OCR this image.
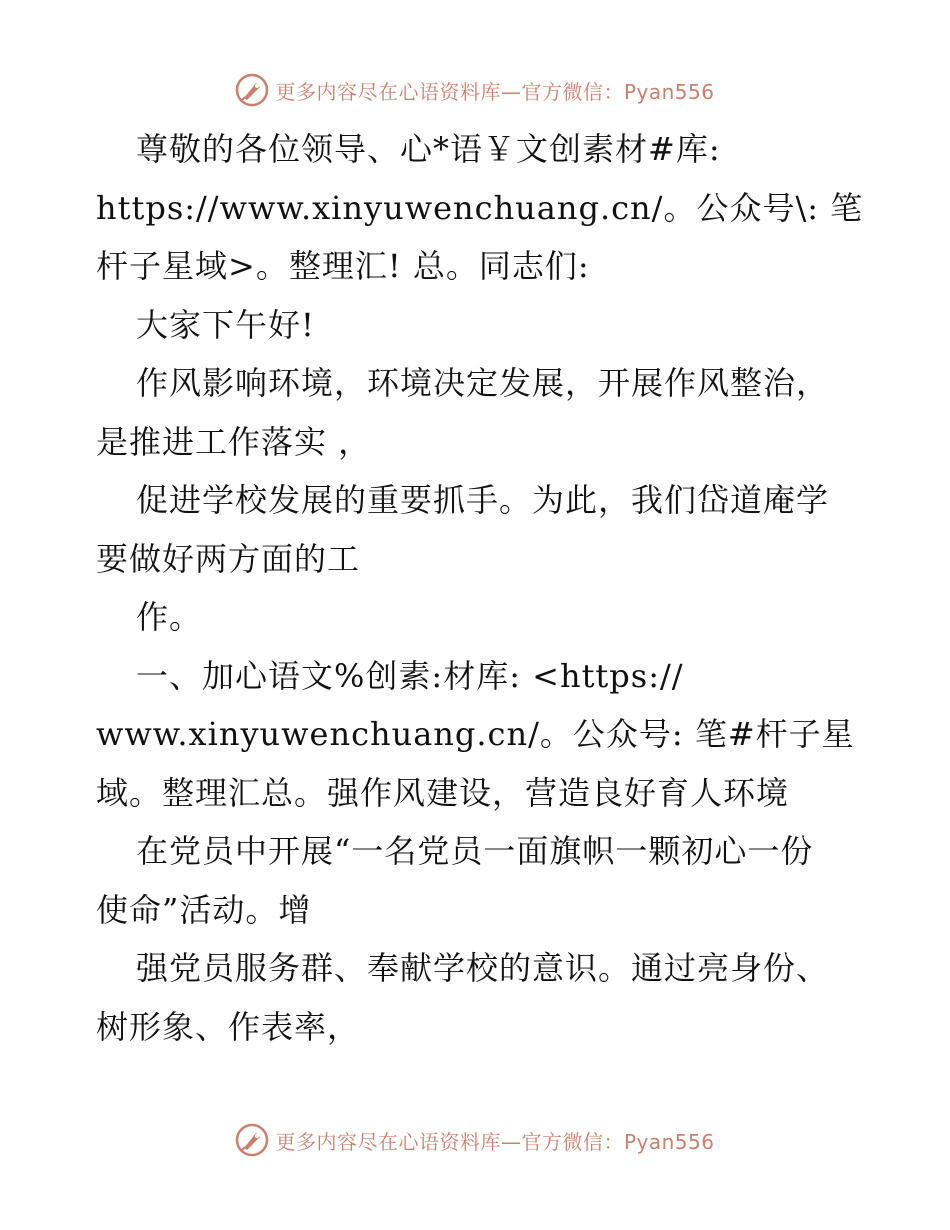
更多内容尽在心语资料库—官方微信：Pyan556
尊敬的各位领导、心*语￥文创素材#库:
https://www.xinyuwenchuang.cn/。公众号\: 笔
杆子星域>。整理汇! 总。同志们:
大家下午好!
作风影响环境，环境决定发展，开展作风整治，
是推进工作落实 ，
促进学校发展的重要抓手。为此，我们岱道庵学
要做好两方面的工
作。
一、加心语文%创素:材库: <https://
www.xinyuwenchuang.cn/。公众号: 笔#杆子星
域。整理汇总。强作风建设，营造良好育人环境
在党员中开展“一名党员一面旗帜一颗初心一份
使命”活动。增
强党员服务群、奉献学校的意识。通过亮身份、
树形象、作表率，
更多内容尽在心语资料库—官方微信：Pyan556
